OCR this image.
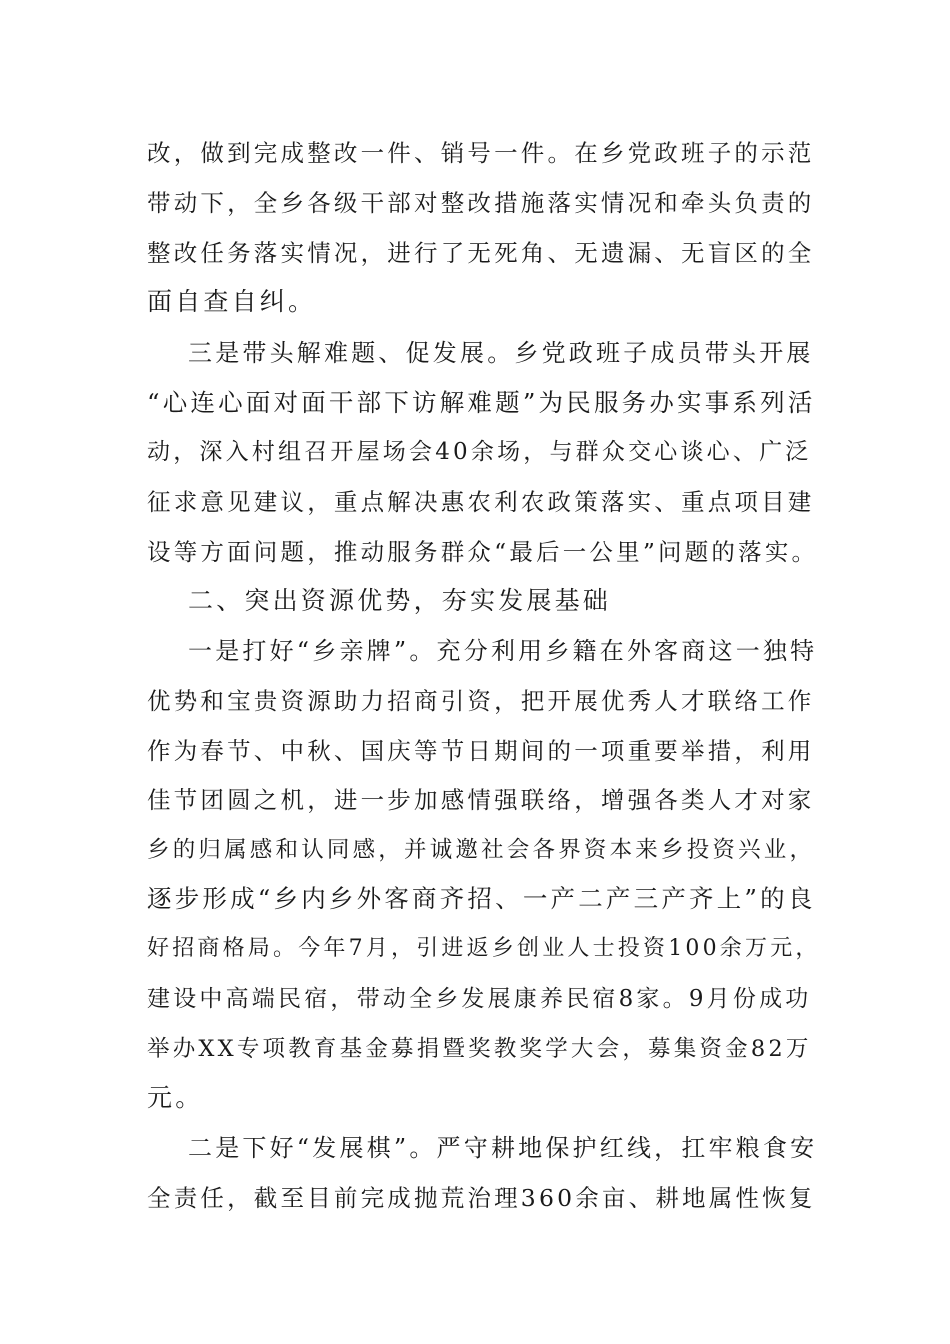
改，做到完成整改一件、销号一件。在乡党政班子的示范

带动下，全乡各级干部对整改措施落实情况和牵头负责的

整改任务落实情况，进行了无死角、无遗漏、无盲区的全

面自查自纠。

三是带头解难题、促发展。乡党政班子成员带头开展

“心连心面对面干部下访解难题”为民服务办实事系列活

动，深入村组召开屋场会40余场，与群众交心谈心、广泛

征求意见建议，重点解决惠农利农政策落实、重点项目建

设等方面问题，推动服务群众“最后一公里”问题的落实。

二、突出资源优势，夯实发展基础

一是打好“乡亲牌”。充分利用乡籍在外客商这一独特

优势和宝贵资源助力招商引资，把开展优秀人才联络工作

作为春节、中秋、国庆等节日期间的一项重要举措，利用

佳节团圆之机，进一步加感情强联络，增强各类人才对家

乡的归属感和认同感，并诚邀社会各界资本来乡投资兴业，

逐步形成“乡内乡外客商齐招、一产二产三产齐上”的良

好招商格局。今年7月，引进返乡创业人士投资100余万元，

建设中高端民宿，带动全乡发展康养民宿8家。9月份成功

举办XX专项教育基金募捐暨奖教奖学大会，募集资金82万

元。

二是下好“发展棋”。严守耕地保护红线，扛牢粮食安

全责任，截至目前完成抛荒治理360余亩、耕地属性恢复
